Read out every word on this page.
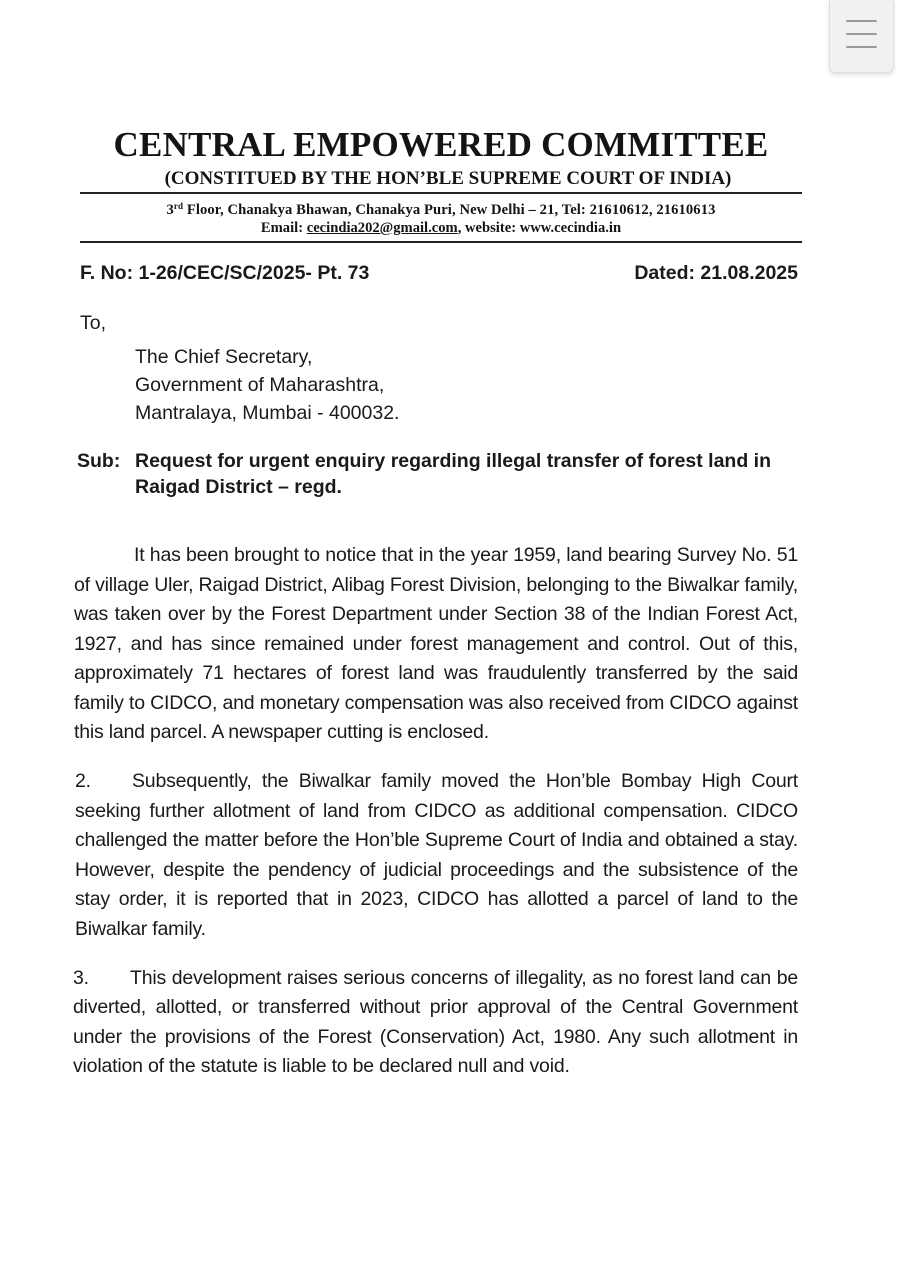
CENTRAL EMPOWERED COMMITTEE
(CONSTITUED BY THE HON’BLE SUPREME COURT OF INDIA)
3rd Floor, Chanakya Bhawan, Chanakya Puri, New Delhi – 21, Tel: 21610612, 21610613
Email: cecindia202@gmail.com, website: www.cecindia.in
F. No: 1-26/CEC/SC/2025- Pt. 73	Dated: 21.08.2025
To,
The Chief Secretary,
Government of Maharashtra,
Mantralaya, Mumbai - 400032.
Sub: Request for urgent enquiry regarding illegal transfer of forest land in Raigad District – regd.

It has been brought to notice that in the year 1959, land bearing Survey No. 51 of village Uler, Raigad District, Alibag Forest Division, belonging to the Biwalkar family, was taken over by the Forest Department under Section 38 of the Indian Forest Act, 1927, and has since remained under forest management and control. Out of this, approximately 71 hectares of forest land was fraudulently transferred by the said family to CIDCO, and monetary compensation was also received from CIDCO against this land parcel. A newspaper cutting is enclosed.

2. Subsequently, the Biwalkar family moved the Hon’ble Bombay High Court seeking further allotment of land from CIDCO as additional compensation. CIDCO challenged the matter before the Hon’ble Supreme Court of India and obtained a stay. However, despite the pendency of judicial proceedings and the subsistence of the stay order, it is reported that in 2023, CIDCO has allotted a parcel of land to the Biwalkar family.

3. This development raises serious concerns of illegality, as no forest land can be diverted, allotted, or transferred without prior approval of the Central Government under the provisions of the Forest (Conservation) Act, 1980. Any such allotment in violation of the statute is liable to be declared null and void.
